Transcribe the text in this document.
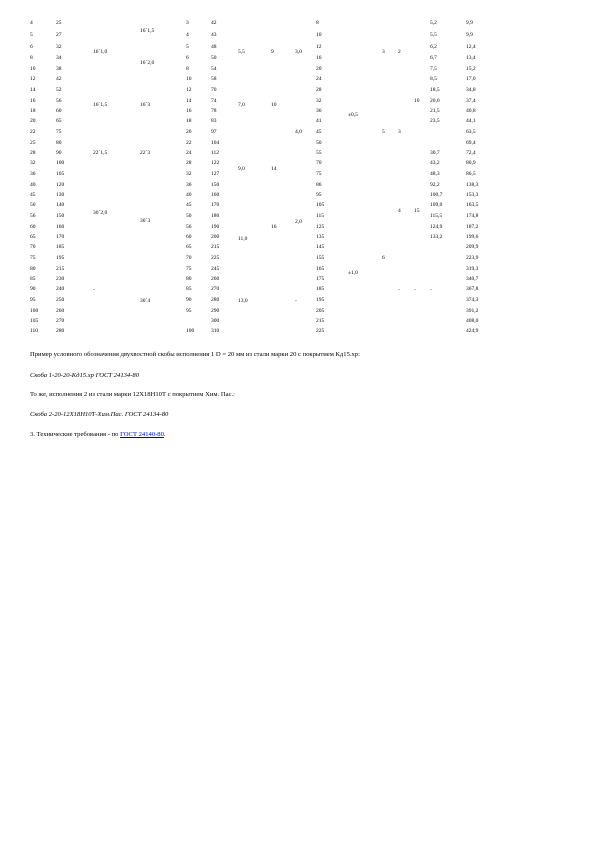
4
5
6
8
10
12
14
16
18
20
22
25
28
32
36
40
45
50
56
60
65
70
75
80
85
90
95
100
105
110
25
27
32
34
38
42
52
56
60
65
75
80
90
100
105
120
130
140
150
160
170
185
195
215
230
240
250
260
270
280
16´1,0
16´1,5
22´1,5
30´2,0
-
16´1,5
16´2,0
16´3
22´3
30´3
30´4
3
4
5
6
8
10
12
14
16
18
20
22
24
28
32
36
40
45
50
56
60
65
70
75
80
85
90
95
100
42
43
48
50
54
58
70
74
78
83
97
104
112
122
127
150
160
170
180
190
200
215
225
245
260
270
280
290
300
310
5,5
7,0
9,0
11,0
13,0
9
10
14
16
3,0
4,0
2,0
-
8
10
12
16
20
24
28
32
36
41
45
50
55
70
75
86
95
105
115
125
135
145
155
165
175
185
195
205
215
225
±0,5
±1,0
3
5
6
2
3
4
-
10
15
-
5,2
5,5
6,2
6,7
7,5
8,5
18,5
20,0
21,5
23,5
30,7
43,2
48,3
92,2
100,7
109,0
115,5
124,9
133,2
-
9,9
9,9
12,4
13,4
15,2
17,0
34,8
37,4
40,8
44,1
63,5
69,4
72,4
80,9
86,5
138,3
153,3
163,5
174,8
187,2
199,6
209,9
223,9
319,3
340,7
367,8
374,3
391,2
408,0
424,9
Пример условного обозначения двухвостной скобы исполнения 1 D = 20 мм из стали марки 20 с покрытием Кд15.хр:
Скоба 1-20-20-Кд15.хр ГОСТ 24134-80
То же, исполнения 2 из стали марки 12Х18Н10Т с покрытием Хим. Пас.:
Скоба 2-20-12Х18Н10Т-Хим.Пас. ГОСТ 24134-80
3. Технические требования - по ГОСТ 24140-80.
